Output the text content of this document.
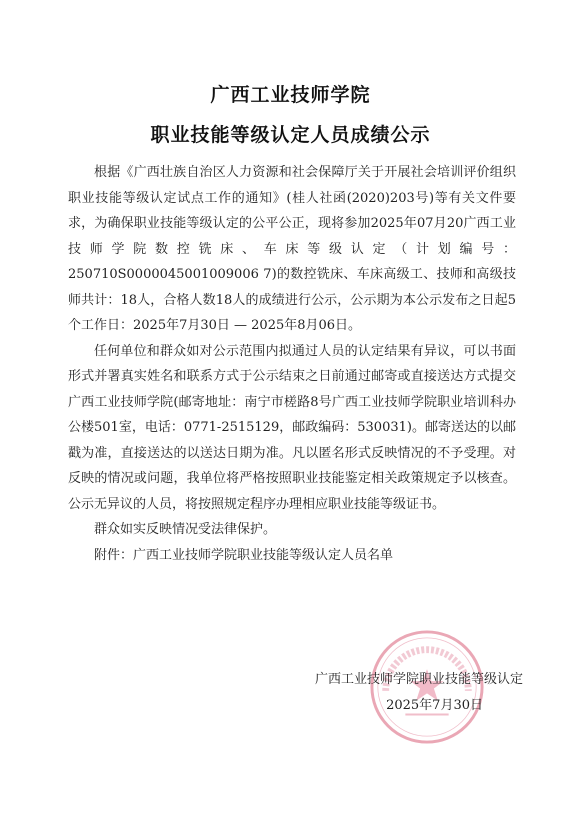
广西工业技师学院
职业技能等级认定人员成绩公示

根据《广西壮族自治区人力资源和社会保障厅关于开展社会培训评价组织职业技能等级认定试点工作的通知》(桂人社函(2020)203号)等有关文件要求，为确保职业技能等级认定的公平公正，现将参加2025年07月20广西工业技师学院数控铣床、车床等级认定（计划编号：250710S0000045001009006 7)的数控铣床、车床高级工、技师和高级技师共计：18人，合格人数18人的成绩进行公示，公示期为本公示发布之日起5个工作日：2025年7月30日 — 2025年8月06日。

任何单位和群众如对公示范围内拟通过人员的认定结果有异议，可以书面形式并署真实姓名和联系方式于公示结束之日前通过邮寄或直接送达方式提交广西工业技师学院(邮寄地址：南宁市槎路8号广西工业技师学院职业培训科办公楼501室，电话：0771-2515129，邮政编码：530031)。邮寄送达的以邮戳为准，直接送达的以送达日期为准。凡以匿名形式反映情况的不予受理。对反映的情况或问题，我单位将严格按照职业技能鉴定相关政策规定予以核查。公示无异议的人员，将按照规定程序办理相应职业技能等级证书。

群众如实反映情况受法律保护。

附件：广西工业技师学院职业技能等级认定人员名单

广西工业技师学院职业技能等级认定
2025年7月30日
